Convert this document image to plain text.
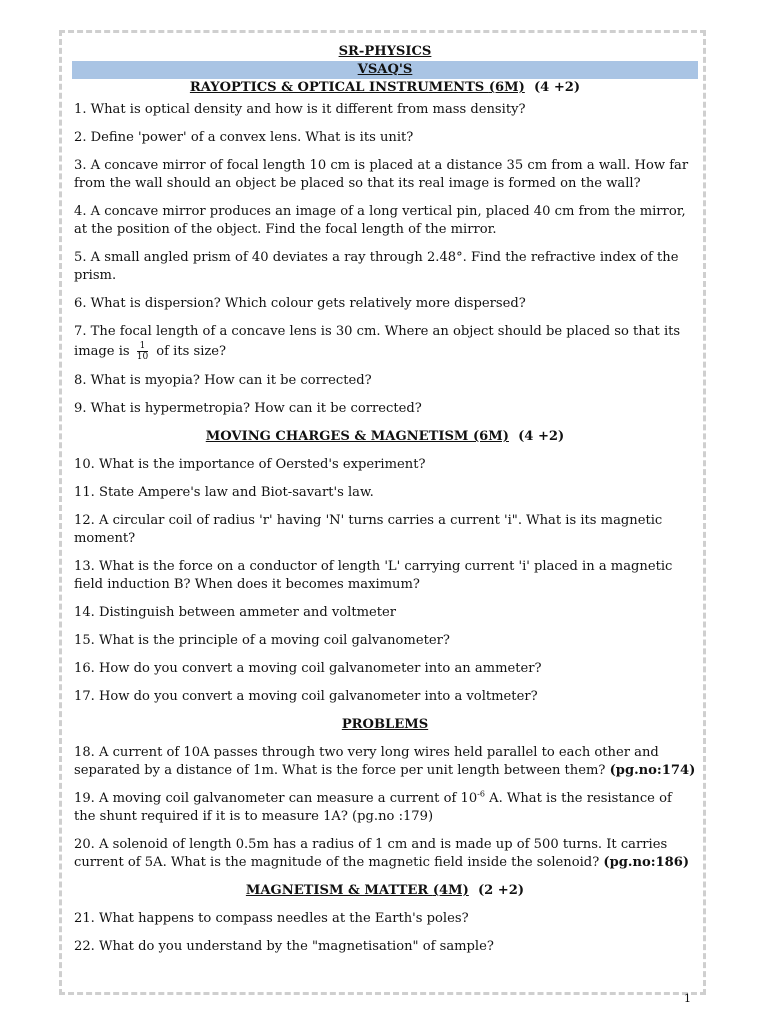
SR-PHYSICS
VSAQ'S
RAYOPTICS & OPTICAL INSTRUMENTS (6M) (4 +2)
1. What is optical density and how is it different from mass density?
2. Define 'power' of a convex lens. What is its unit?
3. A concave mirror of focal length 10 cm is placed at a distance 35 cm from a wall. How far from the wall should an object be placed so that its real image is formed on the wall?
4. A concave mirror produces an image of a long vertical pin, placed 40 cm from the mirror, at the position of the object. Find the focal length of the mirror.
5. A small angled prism of 40 deviates a ray through 2.48°. Find the refractive index of the prism.
6. What is dispersion? Which colour gets relatively more dispersed?
7. The focal length of a concave lens is 30 cm. Where an object should be placed so that its image is $\frac{1}{10}$ of its size?
8. What is myopia? How can it be corrected?
9. What is hypermetropia? How can it be corrected?
MOVING CHARGES & MAGNETISM (6M) (4 +2)
10. What is the importance of Oersted's experiment?
11. State Ampere's law and Biot-savart's law.
12. A circular coil of radius 'r' having 'N' turns carries a current 'i". What is its magnetic moment?
13. What is the force on a conductor of length 'L' carrying current 'i' placed in a magnetic field induction B? When does it becomes maximum?
14. Distinguish between ammeter and voltmeter
15. What is the principle of a moving coil galvanometer?
16. How do you convert a moving coil galvanometer into an ammeter?
17. How do you convert a moving coil galvanometer into a voltmeter?
PROBLEMS
18. A current of 10A passes through two very long wires held parallel to each other and separated by a distance of 1m. What is the force per unit length between them? (pg.no:174)
19. A moving coil galvanometer can measure a current of $10^{-6}$ A. What is the resistance of the shunt required if it is to measure 1A? (pg.no :179)
20. A solenoid of length 0.5m has a radius of 1 cm and is made up of 500 turns. It carries current of 5A. What is the magnitude of the magnetic field inside the solenoid? (pg.no:186)
MAGNETISM & MATTER (4M) (2 +2)
21. What happens to compass needles at the Earth's poles?
22. What do you understand by the "magnetisation" of sample?
1
